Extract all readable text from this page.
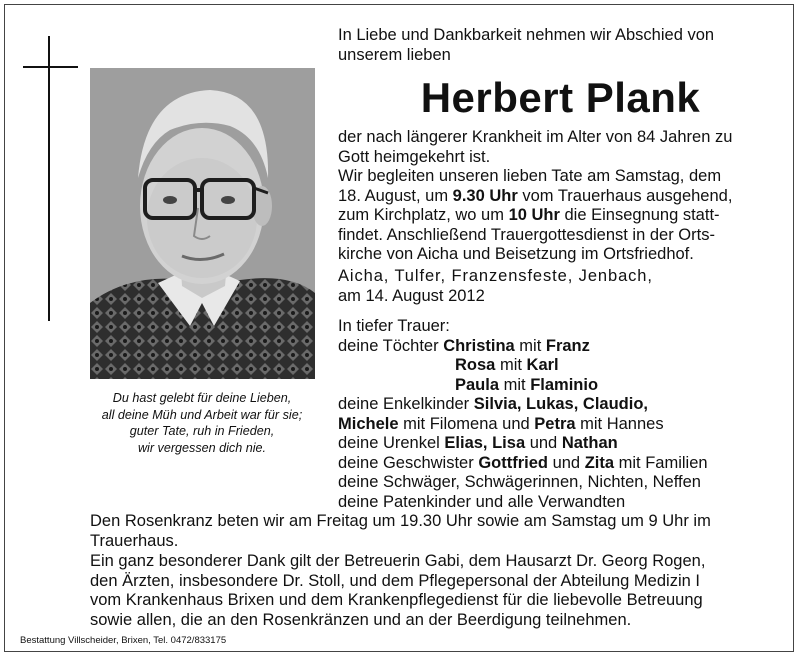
Du hast gelebt für deine Lieben,
all deine Müh und Arbeit war für sie;
guter Tate, ruh in Frieden,
wir vergessen dich nie.
In Liebe und Dankbarkeit nehmen wir Abschied von
unserem lieben
Herbert Plank
der nach längerer Krankheit im Alter von 84 Jahren zu
Gott heimgekehrt ist.
Wir begleiten unseren lieben Tate am Samstag, dem
18. August, um 9.30 Uhr vom Trauerhaus ausgehend,
zum Kirchplatz, wo um 10 Uhr die Einsegnung statt-
findet. Anschließend Trauergottesdienst in der Orts-
kirche von Aicha und Beisetzung im Ortsfriedhof.
Aicha, Tulfer, Franzensfeste, Jenbach,
am 14. August 2012
In tiefer Trauer:
deine Töchter Christina mit Franz
Rosa mit Karl
Paula mit Flaminio
deine Enkelkinder Silvia, Lukas, Claudio,
Michele mit Filomena und Petra mit Hannes
deine Urenkel Elias, Lisa und Nathan
deine Geschwister Gottfried und Zita mit Familien
deine Schwäger, Schwägerinnen, Nichten, Neffen
deine Patenkinder und alle Verwandten
Den Rosenkranz beten wir am Freitag um 19.30 Uhr sowie am Samstag um 9 Uhr im
Trauerhaus.
Ein ganz besonderer Dank gilt der Betreuerin Gabi, dem Hausarzt Dr. Georg Rogen,
den Ärzten, insbesondere Dr. Stoll, und dem Pflegepersonal der Abteilung Medizin I
vom Krankenhaus Brixen und dem Krankenpflegedienst für die liebevolle Betreuung
sowie allen, die an den Rosenkränzen und an der Beerdigung teilnehmen.
Bestattung Villscheider, Brixen, Tel. 0472/833175
